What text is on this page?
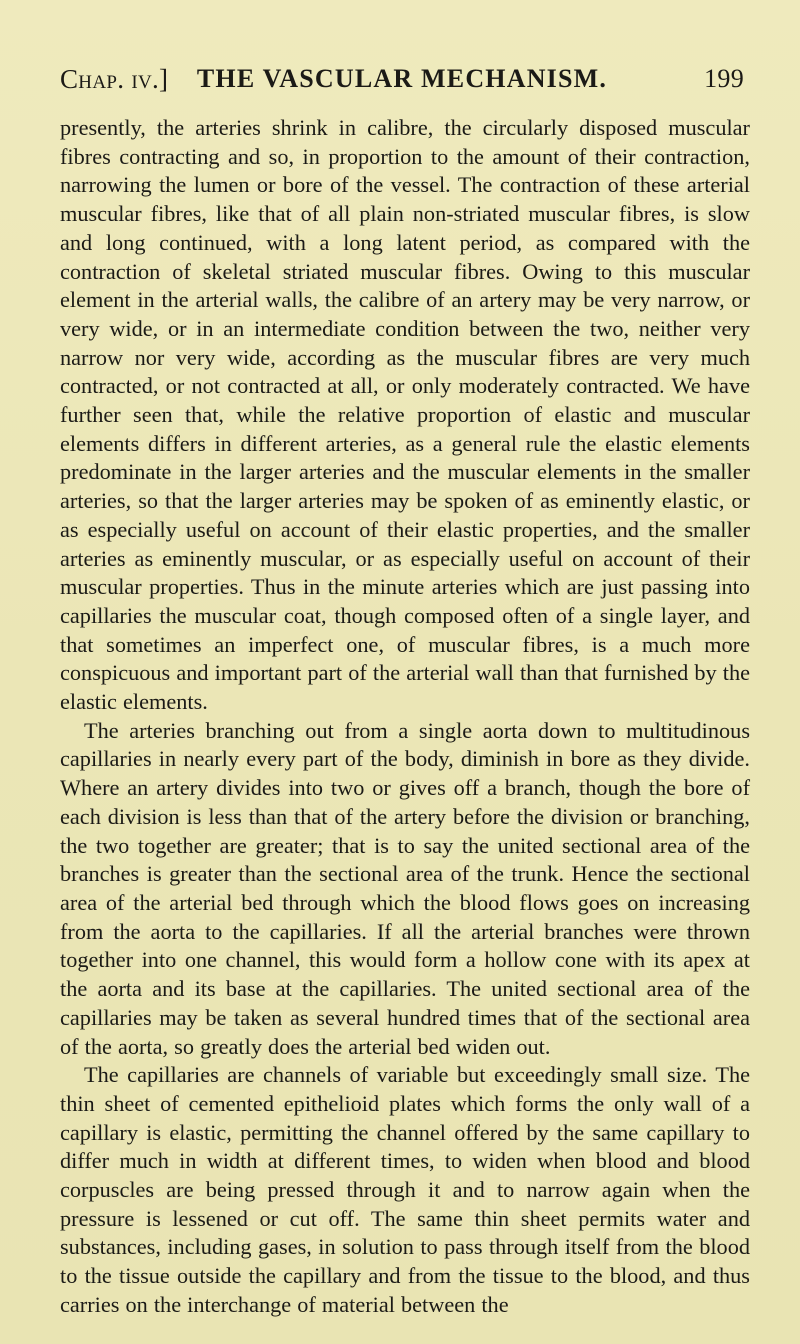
Chap. iv.]	THE VASCULAR MECHANISM.	199

presently, the arteries shrink in calibre, the circularly disposed muscular fibres contracting and so, in proportion to the amount of their contraction, narrowing the lumen or bore of the vessel. The contraction of these arterial muscular fibres, like that of all plain non-striated muscular fibres, is slow and long continued, with a long latent period, as compared with the contraction of skeletal striated muscular fibres. Owing to this muscular element in the arterial walls, the calibre of an artery may be very narrow, or very wide, or in an intermediate condition between the two, neither very narrow nor very wide, according as the muscular fibres are very much contracted, or not contracted at all, or only moderately contracted. We have further seen that, while the relative proportion of elastic and muscular elements differs in different arteries, as a general rule the elastic elements predominate in the larger arteries and the muscular elements in the smaller arteries, so that the larger arteries may be spoken of as eminently elastic, or as especially useful on account of their elastic properties, and the smaller arteries as eminently muscular, or as especially useful on account of their muscular properties. Thus in the minute arteries which are just passing into capillaries the muscular coat, though composed often of a single layer, and that sometimes an imperfect one, of muscular fibres, is a much more conspicuous and important part of the arterial wall than that furnished by the elastic elements.

The arteries branching out from a single aorta down to multitudinous capillaries in nearly every part of the body, diminish in bore as they divide. Where an artery divides into two or gives off a branch, though the bore of each division is less than that of the artery before the division or branching, the two together are greater; that is to say the united sectional area of the branches is greater than the sectional area of the trunk. Hence the sectional area of the arterial bed through which the blood flows goes on increasing from the aorta to the capillaries. If all the arterial branches were thrown together into one channel, this would form a hollow cone with its apex at the aorta and its base at the capillaries. The united sectional area of the capillaries may be taken as several hundred times that of the sectional area of the aorta, so greatly does the arterial bed widen out.

The capillaries are channels of variable but exceedingly small size. The thin sheet of cemented epithelioid plates which forms the only wall of a capillary is elastic, permitting the channel offered by the same capillary to differ much in width at different times, to widen when blood and blood corpuscles are being pressed through it and to narrow again when the pressure is lessened or cut off. The same thin sheet permits water and substances, including gases, in solution to pass through itself from the blood to the tissue outside the capillary and from the tissue to the blood, and thus carries on the interchange of material between the
